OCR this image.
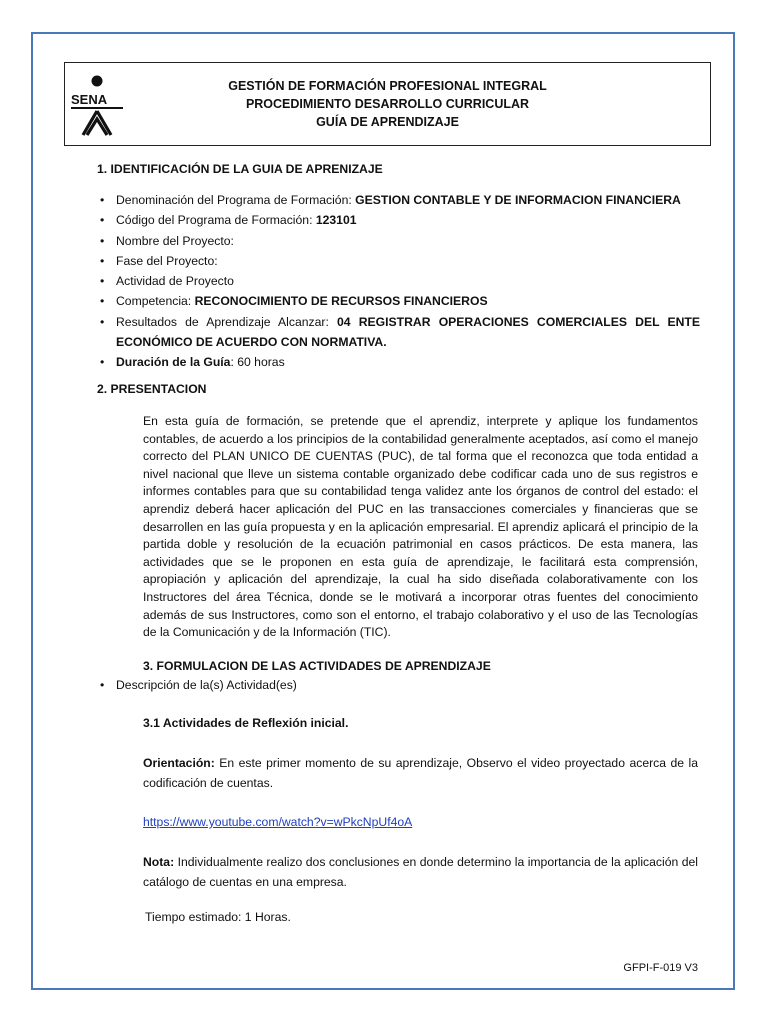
SENA
GESTIÓN DE FORMACIÓN PROFESIONAL INTEGRAL
PROCEDIMIENTO DESARROLLO CURRICULAR
GUÍA DE APRENDIZAJE
1. IDENTIFICACIÓN DE LA GUIA DE APRENIZAJE
• Denominación del Programa de Formación: GESTION CONTABLE Y DE INFORMACION FINANCIERA
• Código del Programa de Formación: 123101
• Nombre del Proyecto:
• Fase del Proyecto:
• Actividad de Proyecto
• Competencia: RECONOCIMIENTO DE RECURSOS FINANCIEROS
• Resultados de Aprendizaje Alcanzar: 04 REGISTRAR OPERACIONES COMERCIALES DEL ENTE ECONÓMICO DE ACUERDO CON NORMATIVA.
• Duración de la Guía: 60 horas
2. PRESENTACION
En esta guía de formación, se pretende que el aprendiz, interprete y aplique los fundamentos contables, de acuerdo a los principios de la contabilidad generalmente aceptados, así como el manejo correcto del PLAN UNICO DE CUENTAS (PUC), de tal forma que el reconozca que toda entidad a nivel nacional que lleve un sistema contable organizado debe codificar cada uno de sus registros e informes contables para que su contabilidad tenga validez ante los órganos de control del estado: el aprendiz deberá hacer aplicación del PUC en las transacciones comerciales y financieras que se desarrollen en las guía propuesta y en la aplicación empresarial. El aprendiz aplicará el principio de la partida doble y resolución de la ecuación patrimonial en casos prácticos. De esta manera, las actividades que se le proponen en esta guía de aprendizaje, le facilitará esta comprensión, apropiación y aplicación del aprendizaje, la cual ha sido diseñada colaborativamente con los Instructores del área Técnica, donde se le motivará a incorporar otras fuentes del conocimiento además de sus Instructores, como son el entorno, el trabajo colaborativo y el uso de las Tecnologías de la Comunicación y de la Información (TIC).
3. FORMULACION DE LAS ACTIVIDADES DE APRENDIZAJE
• Descripción de la(s) Actividad(es)
3.1 Actividades de Reflexión inicial.
Orientación: En este primer momento de su aprendizaje, Observo el video proyectado acerca de la codificación de cuentas.
https://www.youtube.com/watch?v=wPkcNpUf4oA
Nota: Individualmente realizo dos conclusiones en donde determino la importancia de la aplicación del catálogo de cuentas en una empresa.
Tiempo estimado: 1 Horas.
GFPI-F-019 V3
